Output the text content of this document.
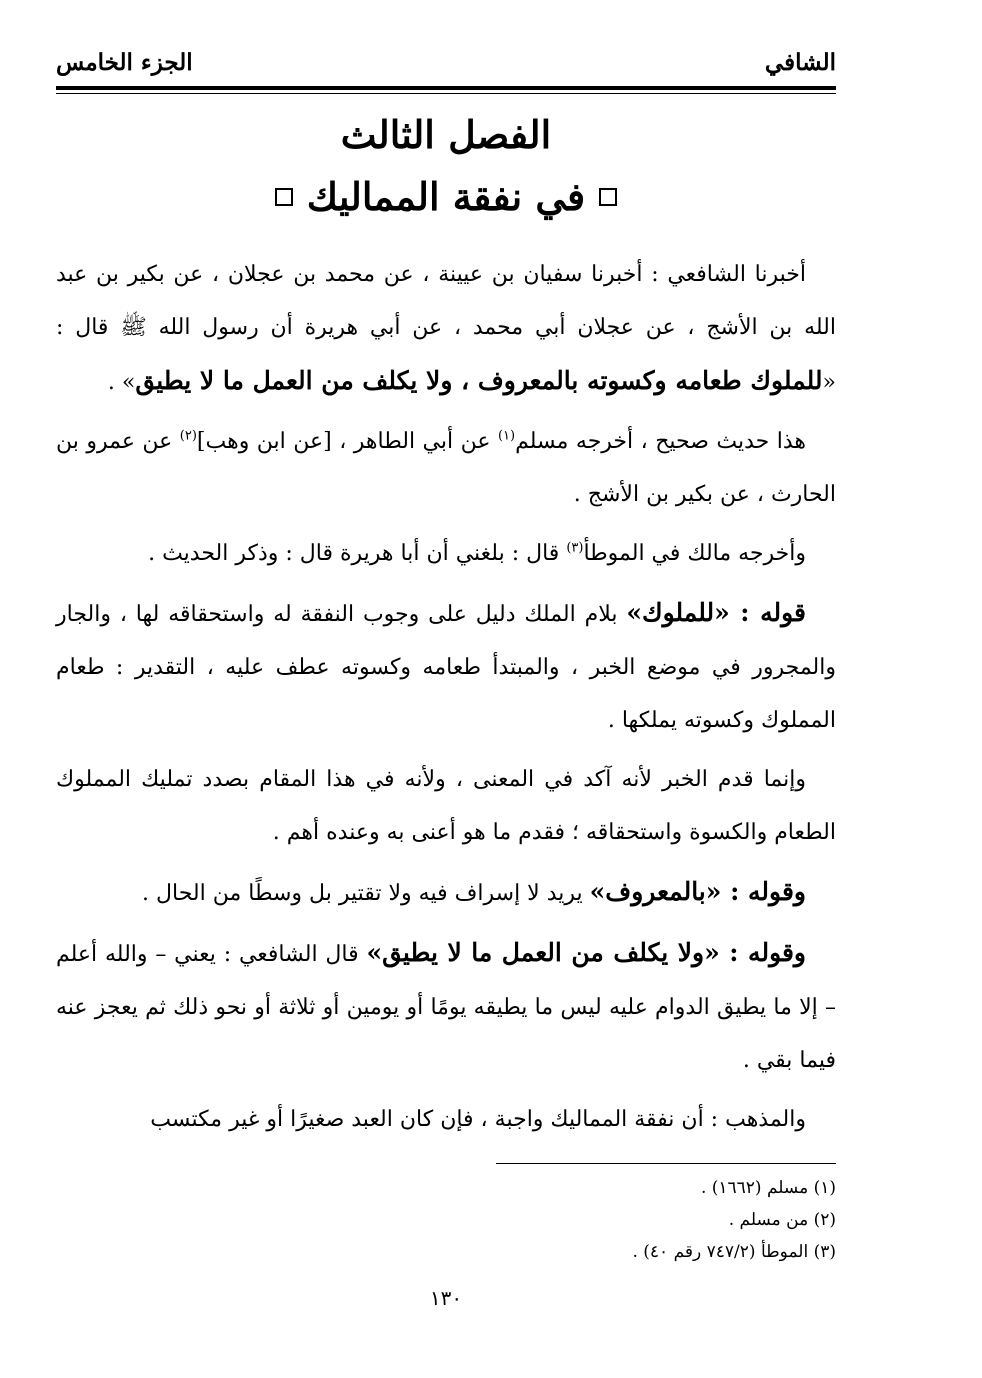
الشافي
الجزء الخامس
الفصل الثالث
في نفقة المماليك

أخبرنا الشافعي : أخبرنا سفيان بن عيينة ، عن محمد بن عجلان ، عن بكير بن عبد الله بن الأشج ، عن عجلان أبي محمد ، عن أبي هريرة أن رسول الله ﷺ قال : «للملوك طعامه وكسوته بالمعروف ، ولا يكلف من العمل ما لا يطيق» .

هذا حديث صحيح ، أخرجه مسلم$^{(١)}$ عن أبي الطاهر ، [عن ابن وهب]$^{(٢)}$ عن عمرو بن الحارث ، عن بكير بن الأشج .

وأخرجه مالك في الموطأ$^{(٣)}$ قال : بلغني أن أبا هريرة قال : وذكر الحديث .

قوله : «للملوك» بلام الملك دليل على وجوب النفقة له واستحقاقه لها ، والجار والمجرور في موضع الخبر ، والمبتدأ طعامه وكسوته عطف عليه ، التقدير : طعام المملوك وكسوته يملكها .

وإنما قدم الخبر لأنه آكد في المعنى ، ولأنه في هذا المقام بصدد تمليك المملوك الطعام والكسوة واستحقاقه ؛ فقدم ما هو أعنى به وعنده أهم .

وقوله : «بالمعروف» يريد لا إسراف فيه ولا تقتير بل وسطًا من الحال .

وقوله : «ولا يكلف من العمل ما لا يطيق» قال الشافعي : يعني – والله أعلم – إلا ما يطيق الدوام عليه ليس ما يطيقه يومًا أو يومين أو ثلاثة أو نحو ذلك ثم يعجز عنه فيما بقي .

والمذهب : أن نفقة المماليك واجبة ، فإن كان العبد صغيرًا أو غير مكتسب

(١) مسلم (١٦٦٢) .
(٢) من مسلم .
(٣) الموطأ (٧٤٧/٢ رقم ٤٠) .
١٣٠
